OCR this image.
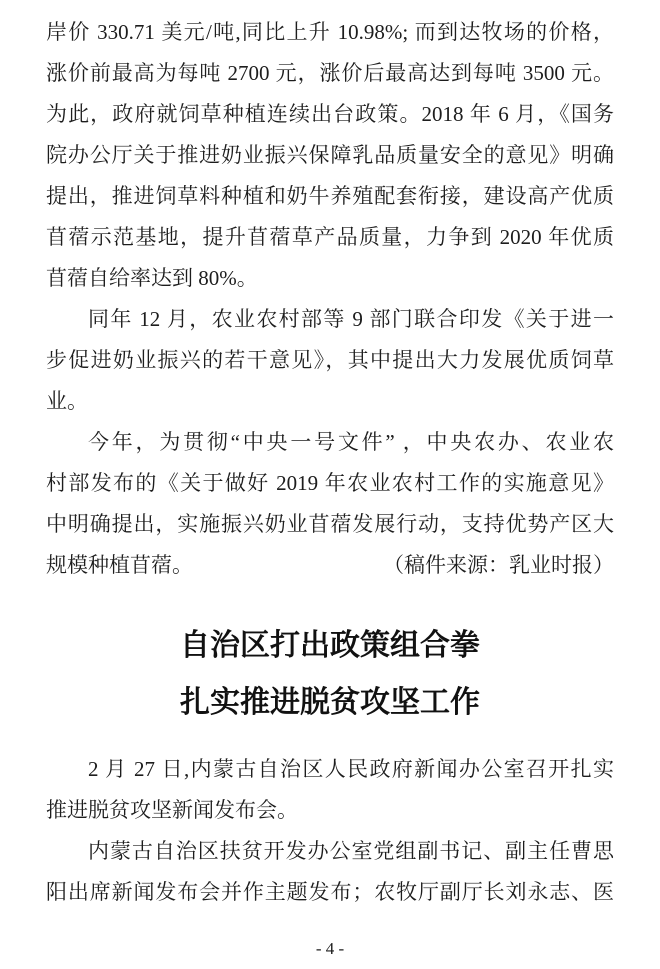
岸价 330.71 美元/吨,同比上升 10.98%; 而到达牧场的价格，
涨价前最高为每吨 2700 元，涨价后最高达到每吨 3500 元。
为此，政府就饲草种植连续出台政策。2018 年 6 月，《国务
院办公厅关于推进奶业振兴保障乳品质量安全的意见》明确
提出，推进饲草料种植和奶牛养殖配套衔接，建设高产优质
苜蓿示范基地，提升苜蓿草产品质量，力争到 2020 年优质
苜蓿自给率达到 80%。
同年 12 月，农业农村部等 9 部门联合印发《关于进一
步促进奶业振兴的若干意见》，其中提出大力发展优质饲草
业。
今年，为贯彻“中央一号文件” ，中央农办、农业农
村部发布的《关于做好 2019 年农业农村工作的实施意见》
中明确提出，实施振兴奶业苜蓿发展行动，支持优势产区大
规模种植苜蓿。	（稿件来源：乳业时报）
自治区打出政策组合拳
扎实推进脱贫攻坚工作
2 月 27 日,内蒙古自治区人民政府新闻办公室召开扎实
推进脱贫攻坚新闻发布会。
内蒙古自治区扶贫开发办公室党组副书记、副主任曹思
阳出席新闻发布会并作主题发布；农牧厅副厅长刘永志、医
- 4 -
